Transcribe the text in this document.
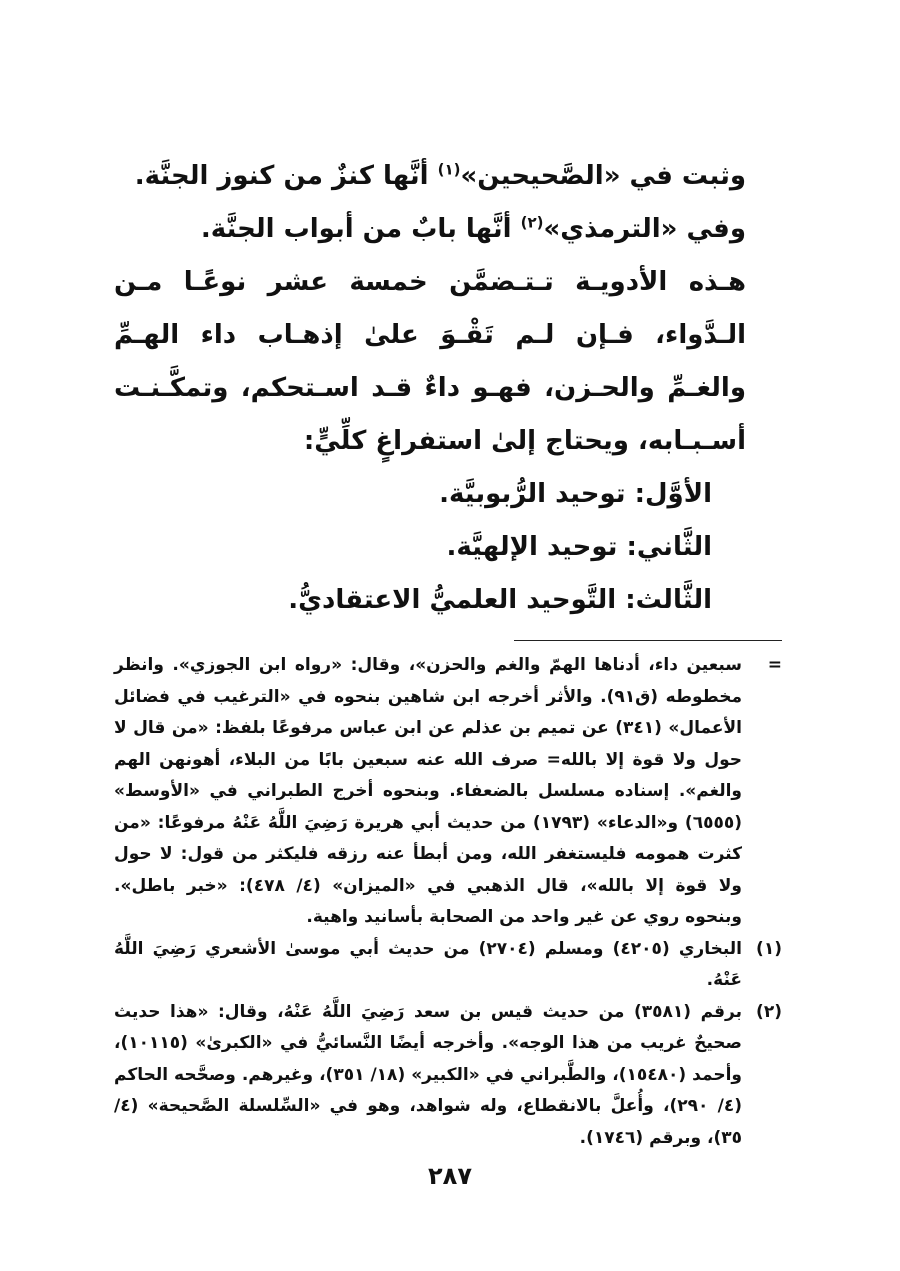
وثبت في «الصَّحيحين»$^{(١)}$ أنَّها كنزٌ من كنوز الجنَّة.

وفي «الترمذي»$^{(٢)}$ أنَّها بابٌ من أبواب الجنَّة.

هـذه الأدويـة تـتـضمَّن خمسة عشر نوعًـا مـن الـدَّواء، فـإن لـم تَقْـوَ علىٰ إذهـاب داء الهـمِّ والغـمِّ والحـزن، فهـو داءٌ قـد اسـتحكم، وتمكَّـنـت أسـبـابه، ويحتاج إلىٰ استفراغٍ كلِّيٍّ:

الأوَّل: توحيد الرُّبوبيَّة.

الثَّاني: توحيد الإلهيَّة.

الثَّالث: التَّوحيد العلميُّ الاعتقاديُّ.

=
سبعين داء، أدناها الهمّ والغم والحزن»، وقال: «رواه ابن الجوزي». وانظر مخطوطه (ق٩١). والأثر أخرجه ابن شاهين بنحوه في «الترغيب في فضائل الأعمال» (٣٤١) عن تميم بن عذلم عن ابن عباس مرفوعًا بلفظ: «من قال لا حول ولا قوة إلا بالله= صرف الله عنه سبعين بابًا من البلاء، أهونهن الهم والغم». إسناده مسلسل بالضعفاء. وبنحوه أخرج الطبراني في «الأوسط» (٦٥٥٥) و«الدعاء» (١٧٩٣) من حديث أبي هريرة رَضِيَ اللَّهُ عَنْهُ مرفوعًا: «من كثرت همومه فليستغفر الله، ومن أبطأ عنه رزقه فليكثر من قول: لا حول ولا قوة إلا بالله»، قال الذهبي في «الميزان» (٤/ ٤٧٨): «خبر باطل». وبنحوه روي عن غير واحد من الصحابة بأسانيد واهية.
(١)
البخاري (٤٢٠٥) ومسلم (٢٧٠٤) من حديث أبي موسىٰ الأشعري رَضِيَ اللَّهُ عَنْهُ.
(٢)
برقم (٣٥٨١) من حديث قيس بن سعد رَضِيَ اللَّهُ عَنْهُ، وقال: «هذا حديث صحيحٌ غريب من هذا الوجه». وأخرجه أيضًا النَّسائيُّ في «الكبرىٰ» (١٠١١٥)، وأحمد (١٥٤٨٠)، والطَّبراني في «الكبير» (١٨/ ٣٥١)، وغيرهم. وصحَّحه الحاكم (٤/ ٢٩٠)، وأُعلَّ بالانقطاع، وله شواهد، وهو في «السِّلسلة الصَّحيحة» (٤/ ٣٥)، وبرقم (١٧٤٦).
٢٨٧
